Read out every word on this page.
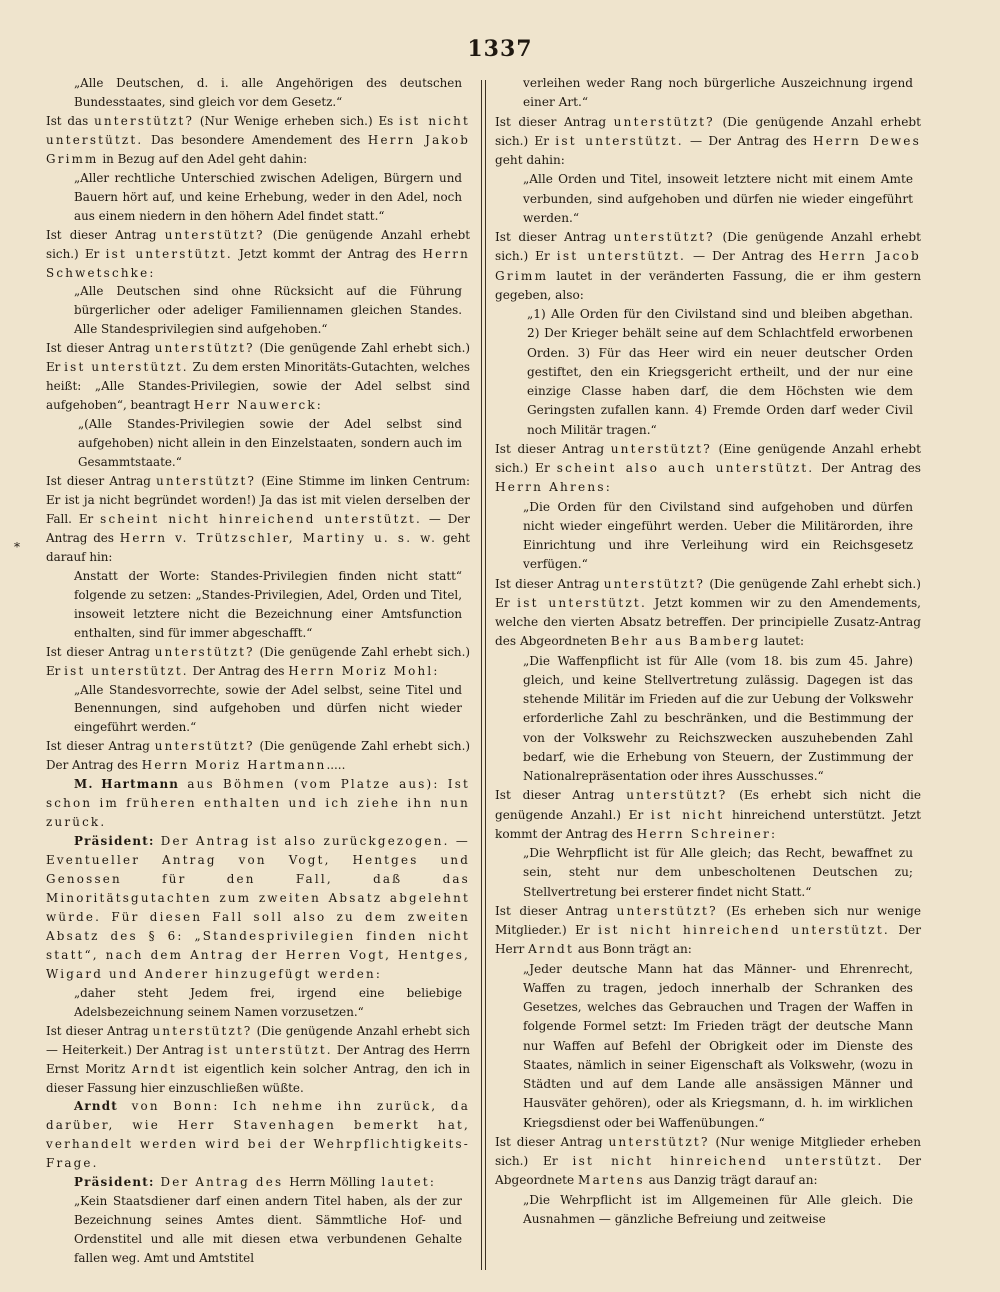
1337
*

„Alle Deutschen, d. i. alle Angehörigen des deutschen Bundesstaates, sind gleich vor dem Gesetz.“

Ist das unterstützt? (Nur Wenige erheben sich.) Es ist nicht unterstützt. Das besondere Amendement des Herrn Jakob Grimm in Bezug auf den Adel geht dahin:

„Aller rechtliche Unterschied zwischen Adeligen, Bürgern und Bauern hört auf, und keine Erhebung, weder in den Adel, noch aus einem niedern in den höhern Adel findet statt.“

Ist dieser Antrag unterstützt? (Die genügende Anzahl erhebt sich.) Er ist unterstützt. Jetzt kommt der Antrag des Herrn Schwetschke:

„Alle Deutschen sind ohne Rücksicht auf die Führung bürgerlicher oder adeliger Familiennamen gleichen Standes. Alle Standesprivilegien sind aufgehoben.“

Ist dieser Antrag unterstützt? (Die genügende Zahl erhebt sich.) Er ist unterstützt. Zu dem ersten Minoritäts-Gutachten, welches heißt: „Alle Standes-Privilegien, sowie der Adel selbst sind aufgehoben“, beantragt Herr Nauwerck:

„(Alle Standes-Privilegien sowie der Adel selbst sind aufgehoben) nicht allein in den Einzelstaaten, sondern auch im Gesammtstaate.“

Ist dieser Antrag unterstützt? (Eine Stimme im linken Centrum: Er ist ja nicht begründet worden!) Ja das ist mit vielen derselben der Fall. Er scheint nicht hinreichend unterstützt. — Der Antrag des Herrn v. Trützschler, Martiny u. s. w. geht darauf hin:

Anstatt der Worte: Standes-Privilegien finden nicht statt“ folgende zu setzen: „Standes-Privilegien, Adel, Orden und Titel, insoweit letztere nicht die Bezeichnung einer Amtsfunction enthalten, sind für immer abgeschafft.“

Ist dieser Antrag unterstützt? (Die genügende Zahl erhebt sich.) Er ist unterstützt. Der Antrag des Herrn Moriz Mohl:

„Alle Standesvorrechte, sowie der Adel selbst, seine Titel und Benennungen, sind aufgehoben und dürfen nicht wieder eingeführt werden.“

Ist dieser Antrag unterstützt? (Die genügende Zahl erhebt sich.) Der Antrag des Herrn Moriz Hartmann.....

M. Hartmann aus Böhmen (vom Platze aus): Ist schon im früheren enthalten und ich ziehe ihn nun zurück.

Präsident: Der Antrag ist also zurückgezogen. — Eventueller Antrag von Vogt, Hentges und Genossen für den Fall, daß das Minoritätsgutachten zum zweiten Absatz abgelehnt würde. Für diesen Fall soll also zu dem zweiten Absatz des § 6: „Standesprivilegien finden nicht statt“, nach dem Antrag der Herren Vogt, Hentges, Wigard und Anderer hinzugefügt werden:

„daher steht Jedem frei, irgend eine beliebige Adelsbezeichnung seinem Namen vorzusetzen.“

Ist dieser Antrag unterstützt? (Die genügende Anzahl erhebt sich — Heiterkeit.) Der Antrag ist unterstützt. Der Antrag des Herrn Ernst Moritz Arndt ist eigentlich kein solcher Antrag, den ich in dieser Fassung hier einzuschließen wüßte.

Arndt von Bonn: Ich nehme ihn zurück, da darüber, wie Herr Stavenhagen bemerkt hat, verhandelt werden wird bei der Wehrpflichtigkeits-Frage.

Präsident: Der Antrag des Herrn Mölling lautet:

„Kein Staatsdiener darf einen andern Titel haben, als der zur Bezeichnung seines Amtes dient. Sämmtliche Hof- und Ordenstitel und alle mit diesen etwa verbundenen Gehalte fallen weg. Amt und Amtstitel

verleihen weder Rang noch bürgerliche Auszeichnung irgend einer Art.“

Ist dieser Antrag unterstützt? (Die genügende Anzahl erhebt sich.) Er ist unterstützt. — Der Antrag des Herrn Dewes geht dahin:

„Alle Orden und Titel, insoweit letztere nicht mit einem Amte verbunden, sind aufgehoben und dürfen nie wieder eingeführt werden.“

Ist dieser Antrag unterstützt? (Die genügende Anzahl erhebt sich.) Er ist unterstützt. — Der Antrag des Herrn Jacob Grimm lautet in der veränderten Fassung, die er ihm gestern gegeben, also:

„1) Alle Orden für den Civilstand sind und bleiben abgethan. 2) Der Krieger behält seine auf dem Schlachtfeld erworbenen Orden. 3) Für das Heer wird ein neuer deutscher Orden gestiftet, den ein Kriegsgericht ertheilt, und der nur eine einzige Classe haben darf, die dem Höchsten wie dem Geringsten zufallen kann. 4) Fremde Orden darf weder Civil noch Militär tragen.“

Ist dieser Antrag unterstützt? (Eine genügende Anzahl erhebt sich.) Er scheint also auch unterstützt. Der Antrag des Herrn Ahrens:

„Die Orden für den Civilstand sind aufgehoben und dürfen nicht wieder eingeführt werden. Ueber die Militärorden, ihre Einrichtung und ihre Verleihung wird ein Reichsgesetz verfügen.“

Ist dieser Antrag unterstützt? (Die genügende Zahl erhebt sich.) Er ist unterstützt. Jetzt kommen wir zu den Amendements, welche den vierten Absatz betreffen. Der principielle Zusatz-Antrag des Abgeordneten Behr aus Bamberg lautet:

„Die Waffenpflicht ist für Alle (vom 18. bis zum 45. Jahre) gleich, und keine Stellvertretung zulässig. Dagegen ist das stehende Militär im Frieden auf die zur Uebung der Volkswehr erforderliche Zahl zu beschränken, und die Bestimmung der von der Volkswehr zu Reichszwecken auszuhebenden Zahl bedarf, wie die Erhebung von Steuern, der Zustimmung der Nationalrepräsentation oder ihres Ausschusses.“

Ist dieser Antrag unterstützt? (Es erhebt sich nicht die genügende Anzahl.) Er ist nicht hinreichend unterstützt. Jetzt kommt der Antrag des Herrn Schreiner:

„Die Wehrpflicht ist für Alle gleich; das Recht, bewaffnet zu sein, steht nur dem unbescholtenen Deutschen zu; Stellvertretung bei ersterer findet nicht Statt.“

Ist dieser Antrag unterstützt? (Es erheben sich nur wenige Mitglieder.) Er ist nicht hinreichend unterstützt. Der Herr Arndt aus Bonn trägt an:

„Jeder deutsche Mann hat das Männer- und Ehrenrecht, Waffen zu tragen, jedoch innerhalb der Schranken des Gesetzes, welches das Gebrauchen und Tragen der Waffen in folgende Formel setzt: Im Frieden trägt der deutsche Mann nur Waffen auf Befehl der Obrigkeit oder im Dienste des Staates, nämlich in seiner Eigenschaft als Volkswehr, (wozu in Städten und auf dem Lande alle ansässigen Männer und Hausväter gehören), oder als Kriegsmann, d. h. im wirklichen Kriegsdienst oder bei Waffenübungen.“

Ist dieser Antrag unterstützt? (Nur wenige Mitglieder erheben sich.) Er ist nicht hinreichend unterstützt. Der Abgeordnete Martens aus Danzig trägt darauf an:

„Die Wehrpflicht ist im Allgemeinen für Alle gleich. Die Ausnahmen — gänzliche Befreiung und zeitweise
